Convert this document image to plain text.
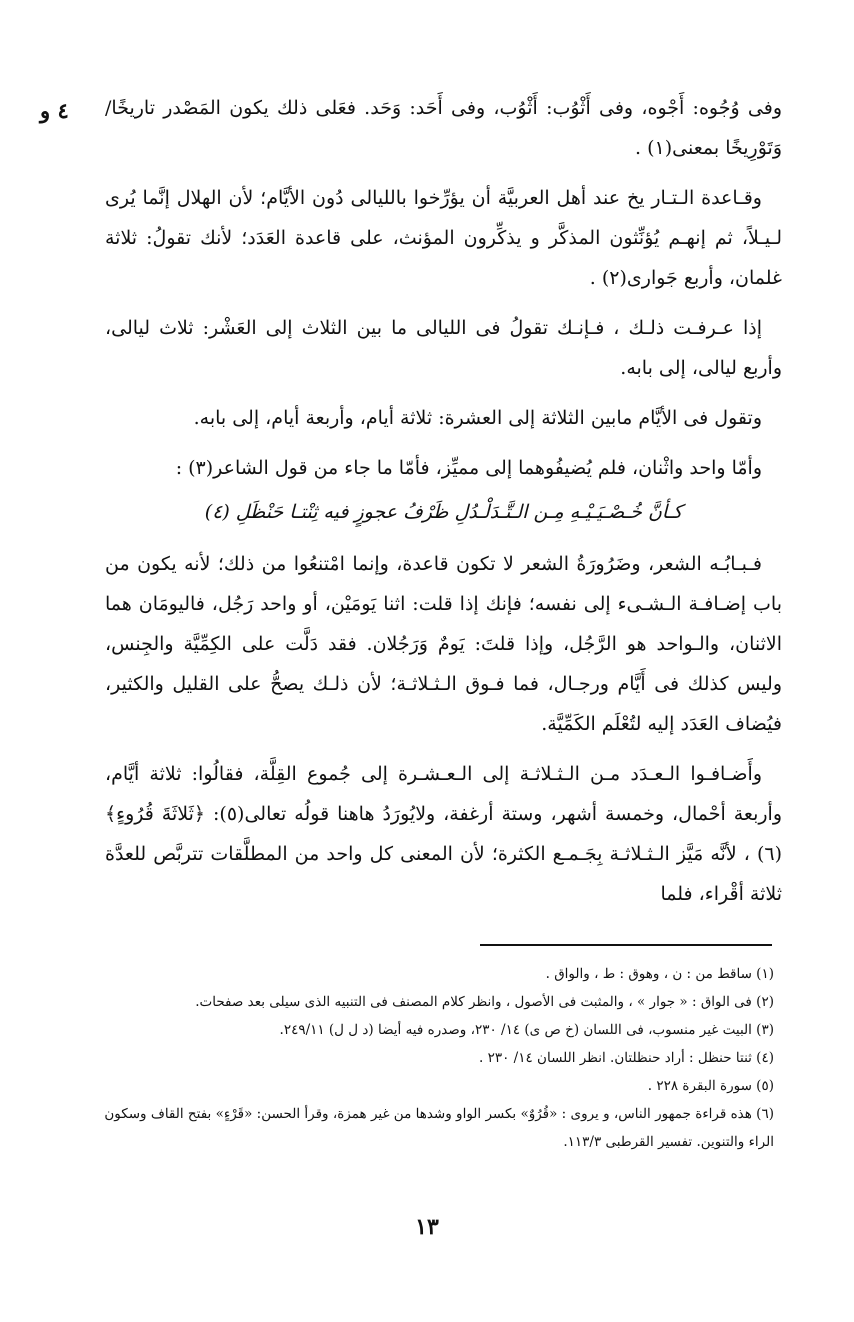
٤ و وفى وُجُوه: أَجْوه، وفى أَثْوُب: أَثْوُب، وفى أَحَد: وَحَد. فعَلى ذلك يكون المَصْدر تاريخًا/ وَتَوْرِيخًا بمعنى(١) .

وقـاعدة الـتـار يخ عند أهل العربيَّة أن يؤرِّخوا بالليالى دُون الأيَّام؛ لأن الهلال إنَّما يُرى لـيـلاً، ثم إنهـم يُؤنِّثون المذكَّر و يذكِّرون المؤنث، على قاعدة العَدَد؛ لأنك تقولُ: ثلاثة غلمان، وأربع جَوارى(٢) .

إذا عـرفـت ذلـك ، فـإنـك تقولُ فى الليالى ما بين الثلاث إلى العَشْر: ثلاث ليالى، وأربع ليالى، إلى بابه.

وتقول فى الأيَّام مابين الثلاثة إلى العشرة: ثلاثة أيام، وأربعة أيام، إلى بابه.

وأمّا واحد واثْنان، فلم يُضيفُوهما إلى مميِّز، فأمّا ما جاء من قول الشاعر(٣) :

كـأنَّ خُـصْـيَـيْـهِ مِـن الـتَّـدَلْـدُلِ ظَرْفُ عجوزٍ فيه ثِنْتـا حَنْظَلِ (٤)

فـبـابُـه الشعر، وضَرُورَةُ الشعر لا تكون قاعدة، وإنما امْتنعُوا من ذلك؛ لأنه يكون من باب إضـافـة الـشـىء إلى نفسه؛ فإنك إذا قلت: اثنا يَومَيْن، أو واحد رَجُل، فاليومَان هما الاثنان، والـواحد هو الرَّجُل، وإذا قلتَ: يَومٌ وَرَجُلان. فقد دَلَّت على الكِمِّيَّة والجِنس، وليس كذلك فى أَيَّام ورجـال، فما فـوق الـثـلاثـة؛ لأن ذلـك يصحُّ على القليل والكثير، فيُضاف العَدَد إليه لتُعْلَم الكَمِّيَّة.

وأَضـافـوا الـعـدَد مـن الـثـلاثـة إلى الـعـشـرة إلى جُموع القِلَّة، فقالُوا: ثلاثة أيَّام، وأربعة أحْمال، وخمسة أشهر، وستة أرغفة، ولايُورَدُ هاهنا قولُه تعالى(٥): ﴿ثَلاثَةَ قُرُوءٍ﴾(٦) ، لأنَّه مَيَّز الـثـلاثـة بِجَـمـع الكثرة؛ لأن المعنى كل واحد من المطلَّقات تتربَّص للعدَّة ثلاثة أقْراء، فلما

(١) ساقط من : ن ، وهوق : ط ، والواق .

(٢) فى الواق : « جوار » ، والمثبت فى الأصول ، وانظر كلام المصنف فى التنبيه الذى سيلى بعد صفحات.

(٣) البيت غير منسوب، فى اللسان (خ ص ى) ١٤/ ٢٣٠، وصدره فيه أيضا (د ل ل) ٢٤٩/١١.

(٤) ثنتا حنظل : أراد حنظلتان. انظر اللسان ١٤/ ٢٣٠ .

(٥) سورة البقرة ٢٢٨ .

(٦) هذه قراءة جمهور الناس، و يروى : «قُرُوٌ» بكسر الواو وشدها من غير همزة، وقرأ الحسن: «قَرْءٍ» بفتح القاف وسكون الراء والتنوين. تفسير القرطبى ١١٣/٣.

١٣
